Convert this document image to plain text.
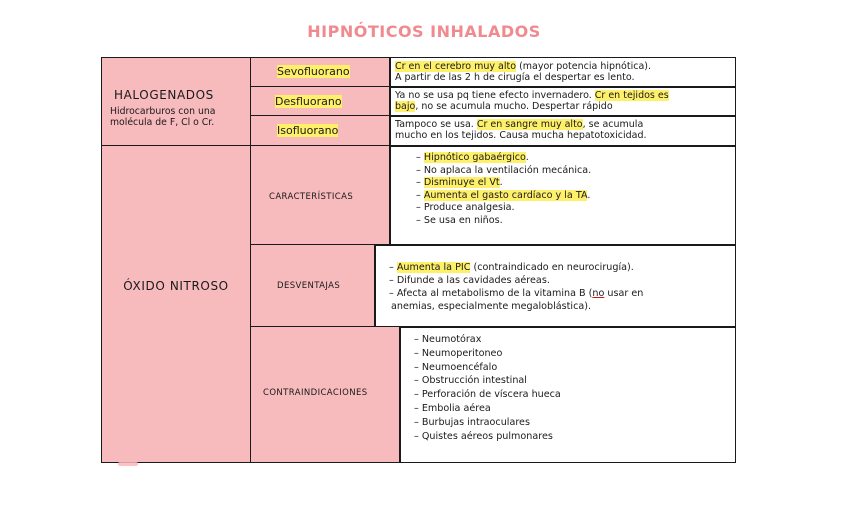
HIPNÓTICOS INHALADOS
HALOGENADOS
Hidrocarburos con una molécula de F, Cl o Cr.
Sevofluorano	Cr en el cerebro muy alto (mayor potencia hipnótica).
A partir de las 2 h de cirugía el despertar es lento.
Desfluorano	Ya no se usa pq tiene efecto invernadero. Cr en tejidos es
bajo, no se acumula mucho. Despertar rápido
Isofluorano	Tampoco se usa. Cr en sangre muy alto, se acumula
mucho en los tejidos. Causa mucha hepatotoxicidad.
ÓXIDO NITROSO
CARACTERÍSTICAS
– Hipnótico gabaérgico.
– No aplaca la ventilación mecánica.
– Disminuye el Vt.
– Aumenta el gasto cardíaco y la TA.
– Produce analgesia.
– Se usa en niños.
DESVENTAJAS
– Aumenta la PIC (contraindicado en neurocirugía).
– Difunde a las cavidades aéreas.
– Afecta al metabolismo de la vitamina B (no usar en
anemias, especialmente megaloblástica).
CONTRAINDICACIONES
– Neumotórax
– Neumoperitoneo
– Neumoencéfalo
– Obstrucción intestinal
– Perforación de víscera hueca
– Embolia aérea
– Burbujas intraoculares
– Quistes aéreos pulmonares
